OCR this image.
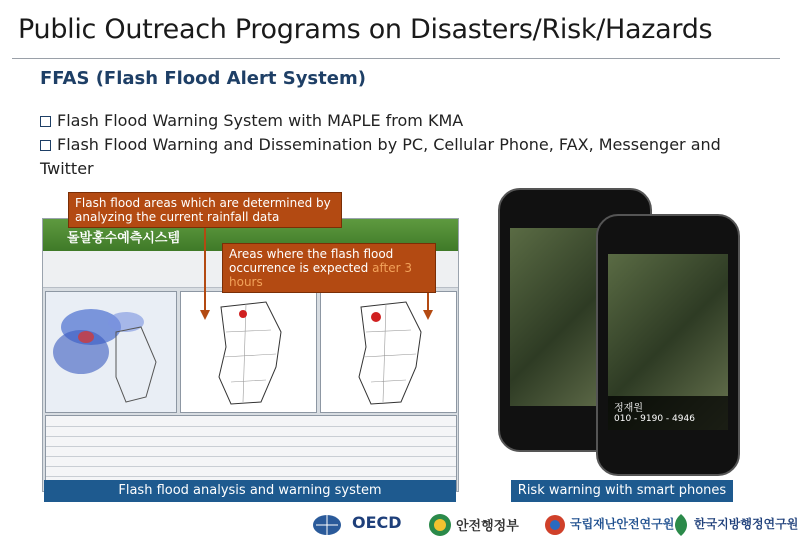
Public Outreach Programs on Disasters/Risk/Hazards
FFAS (Flash Flood Alert System)
Flash Flood Warning System with MAPLE from KMA
Flash Flood Warning and Dissemination by PC, Cellular Phone, FAX, Messenger and Twitter
돌발홍수예측시스템
Flash flood areas which are determined by analyzing the current rainfall data
Areas where the flash flood occurrence is expected after 3 hours
정재원
010 - 9190 - 4946
Flash flood analysis and warning system	Risk warning with smart phones
OECD	안전행정부	국립재난안전연구원 한국지방행정연구원
